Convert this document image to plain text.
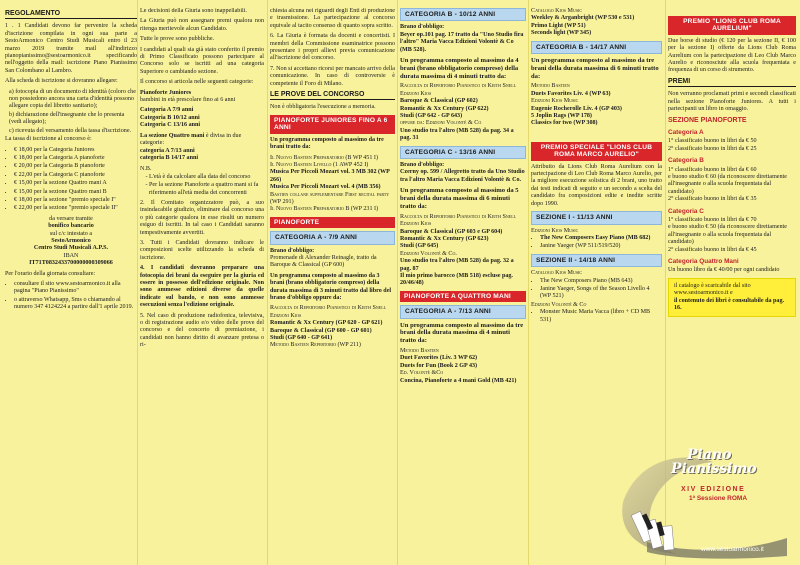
REGOLAMENTO

1 . 1 Candidati devono far pervenire la scheda d'iscrizione compilata in ogni sua parte a SestoArmonico Centro Studi Musicali entro il 23 marzo 2019 tramite mail all'indirizzo pianopianissimo@sestoarmonico.it specificando nell'oggetto della mail: iscrizione Piano Pianissimo San Colombano al Lambro.

Alla scheda di iscrizione si dovranno allegare:

a) fotocopia di un documento di identità (coloro che non possiedono ancora una carta d'identità possono allegare copia del libretto sanitario);
b) dichiarazione dell'insegnante che lo presenta (vedi allegato);
c) ricevuta del versamento della tassa d'iscrizione.

La tassa di iscrizione al concorso è:

• € 18,00 per la Categoria Juniores
• € 18,00 per la Categoria A pianoforte
• € 20,00 per la Categoria B pianoforte
• € 22,00 per la Categoria C pianoforte
• € 15,00 per la sezione Quattro mani A
• € 15,00 per la sezione Quattro mani B
• € 18,00 per la sezione "premio speciale I"
• € 22,00 per la sezione "premio speciale II"
da versare tramite
bonifico bancario
sul c/c intestato a
SestoArmonico
Centro Studi Musicali A.P.S.
IBAN
IT71T0832433700000000309066

Per l'orario della giornata consultare:

• consultare il sito www.sestoarmonico.it alla pagina "Piano Pianissimo"
• o attraverso Whatsapp, Sms o chiamando al numero 347 4124224 a partire dall'1 aprile 2019.

Le decisioni della Giuria sono inappellabili.

La Giuria può non assegnare premi qualora non ritenga meritevole alcun Candidato.

Tutte le prove sono pubbliche.

I candidati al quali sia già stato conferito il premio di Primo Classificato possono partecipare al Concorso solo se iscritti ad una categoria Superiore o cambiando sezione.

Il concorso si articola nelle seguenti categorie:

Pianoforte Juniores

bambini in età prescolare fino ai 6 anni

Categoria A 7/9 anni
Categoria B 10/12 anni
Categoria C 13/16 anni
La sezione Quattro mani è divisa in due categorie:
categoria A 7/13 anni
categoria B 14/17 anni
N.B.
- L'età è da calcolare alla data del concorso
- Per la sezione Pianoforte a quattro mani si fa riferimento all'età media dei concorrenti

2. Il Comitato organizzatore può, a suo insindacabile giudizio, eliminare dal concorso una o più categorie qualora in esse risulti un numero esiguo di iscritti. In tal caso i Candidati saranno tempestivamente avvertiti.

3. Tutti i Candidati dovranno indicare le composizioni scelte utilizzando la scheda di iscrizione.

4. I candidati dovranno preparare una fotocopia dei brani da eseguire per la giuria ed essere in possesso dell'edizione originale. Non sono ammesse edizioni diverse da quelle indicate sul bando, e non sono ammesse esecuzioni senza l'edizione originale.

5. Nel caso di produzione radiofonica, televisiva, o di registrazione audio e/o video delle prove del concorso e del concerto di premiazione, i candidati non hanno diritto di avanzare pretesa o ri-

chiesta alcuna nei riguardi degli Enti di produzione e trasmissione. La partecipazione al concorso equivale al tacito consenso di quanto sopra scritto.

6. La Giuria è formata da docenti e concertisti. I membri della Commissione esaminatrice possono presentare i propri allievi previa comunicazione all'iscrizione del concorso.

7. Non si accettano ricorsi per mancato arrivo della comunicazione. In caso di controversie è competente il Foro di Milano.

LE PROVE DEL CONCORSO

Non è obbligatoria l'esecuzione a memoria.

PIANOFORTE JUNIORES FINO A 6 ANNI

Un programma composto al massimo da tre brani tratto da:

Il Nuovo Bastien Preparatorio (B WP 451 I)
Il Nuovo Bastien Livello (1 AWP 452 I)
Musica Per Piccoli Mozart vol. 3 MB 302 (WP 266)
Musica Per Piccoli Mozart vol. 4 (MB 356)
Bastien collane supplementare First recital party (WP 291)
Il Nuovo Bastien Preparatorio B (WP 231 I)
PIANOFORTE
CATEGORIA A - 7/9 ANNI
Brano d'obbligo:

Promenade di Alexander Reinagle, tratto da Baroque & Classical (GP 600)

Un programma composto al massimo da 3 brani (brano obbligatorio compreso) della durata massima di 3 minuti tratto dal libro del brano d'obbligo oppure da:

Raccolta di Repertorio Pianistico di Keith Snell Edizioni Kios
Romantic & Xx Century (GP 620 - GP 621)
Baroque & Classical (GP 600 - GP 601)
Studi (GP 640 - GP 641)
Metodo Bastien Repertorio (WP 211)
CATEGORIA B - 10/12 ANNI
Brano d'obbligo:

Beyer op.101 pag. 17 tratto da "Uno Studio fira l'altro" Maria Vacca Edizioni Volontè & Co (MB 528).

Un programma composto al massimo da 4 brani (brano obbligatorio compreso) della durata massima di 4 minuti tratto da:

Raccolta di Repertorio Pianistico di Keith Snell Edizioni Kios
Baroque & Classical (GP 602)
Romantic & Xx Century (GP 622)
Studi (GP 642 - GP 643)
oppure da: Edizioni Volontè & Co
Uno studio tra l'altro (MB 528) da pag. 34 a pag. 31
CATEGORIA C - 13/16 ANNI
Brano d'obbligo:

Czerny op. 599 / Allegretto tratto da Uno Studio tra l'altro Maria Vacca Edizioni Volontè & Co.

Un programma composto al massimo da 5 brani della durata massima di 6 minuti tratto da:

Raccolta di Repertorio Pianistico di Keith Snell Edizioni Kios
Baroque & Classical (GP 603 e GP 604)
Romantic & Xx Century (GP 623)
Studi (GP 645)
Edizioni Volontè & Co.
Uno studio tra l'altro (MB 528) da pag. 32 a pag. 87
Il mio primo barocco (MB 518) escluse pag. 20/46/48)
PIANOFORTE A QUATTRO MANI
CATEGORIA A - 7/13 ANNI

Un programma composto al massimo da tre brani della durata massima di 4 minuti tratto da:

Metodo Bastien
Duet Favorites (Liv. 3 WP 62)
Duets for Fun (Book 2 GP 43)
Ed. Volontè &Co
Concina, Pianoforte a 4 mani Gold (MB 421)
Catalogo Kios Music
Weekley & Arganbright (WP 530 e 531)
Primo Light (WP 51)
Seconds light (WP 345)
CATEGORIA B - 14/17 ANNI

Un programma composto al massimo da tre brani della durata massima di 6 minuti tratto da:

Metodo Bastien
Duets Favorites Liv. 4 (WP 63)
Edizioni Kios Music
Eugenie Rocherolle Liv. 4 (GP 403)
5 Joplin Rags (WP 178)
Classics for two (WP 308)
PREMIO SPECIALE "LIONS CLUB ROMA MARCO AURELIO"

Attribuito da Lions Club Roma Aurelium con la partecipazione di Leo Club Roma Marco Aurelio, per la migliore esecuzione solistica di 2 brani, uno tratto dai testi indicati di seguito e un secondo a scelta del candidato fra composizioni edite e inedite scritte dopo 1990.

SEZIONE I - 11/13 ANNI
Edizioni Kios Music
• The New Composers Easy Piano (MB 682)
• Janine Yaeger (WP 511/519/520)
SEZIONE II - 14/18 ANNI
Catalogo Kios Music
• The New Composers Piano (MB 643)
• Janine Yaeger, Songs of the Season Livello 4 (WP 521)
Edizioni Volontè & Co
• Monster Music Maria Vacca (libro + CD MB 531)
PREMIO "LIONS CLUB ROMA AURELIUM"

Due borse di studio (€ 120 per la sezione II, € 100 per la sezione I) offerte da Lions Club Roma Aurelium con la partecipazione di Leo Club Marco Aurelio e riconosciute alla scuola frequentata e frequenza di un corso di strumento.

PREMI

Non verranno proclamati primi e secondi classificati nella sezione Pianoforte Juniores. A tutti i partecipanti un libro in omaggio.

SEZIONE PIANOFORTE
Categoria A
1° classificato buono in libri da € 50
2° classificato buono in libri da € 25
Categoria B
1° classificato buono in libri da € 60
e buono studio € 60 (da riconoscere direttamente all'insegnante o alla scuola frequentata dal candidato)
2° classificato buono in libri da € 35
Categoria C
1° classificato buono in libri da € 70
e buono studio € 50 (da riconoscere direttamente all'insegnante o alla scuola frequentata dal candidato)
2° classificato buono in libri da € 45
Categoria Quattro Mani

Un buono libro da € 40/00 per ogni candidato

il catalogo è scaricabile dal sito www.sestoarmonico.it e
il contenuto dei libri è consultabile da pag. 16.
Piano
Pianissimo
XIV EDIZIONE
1ª Sessione ROMA
www.sestoarmonico.it
